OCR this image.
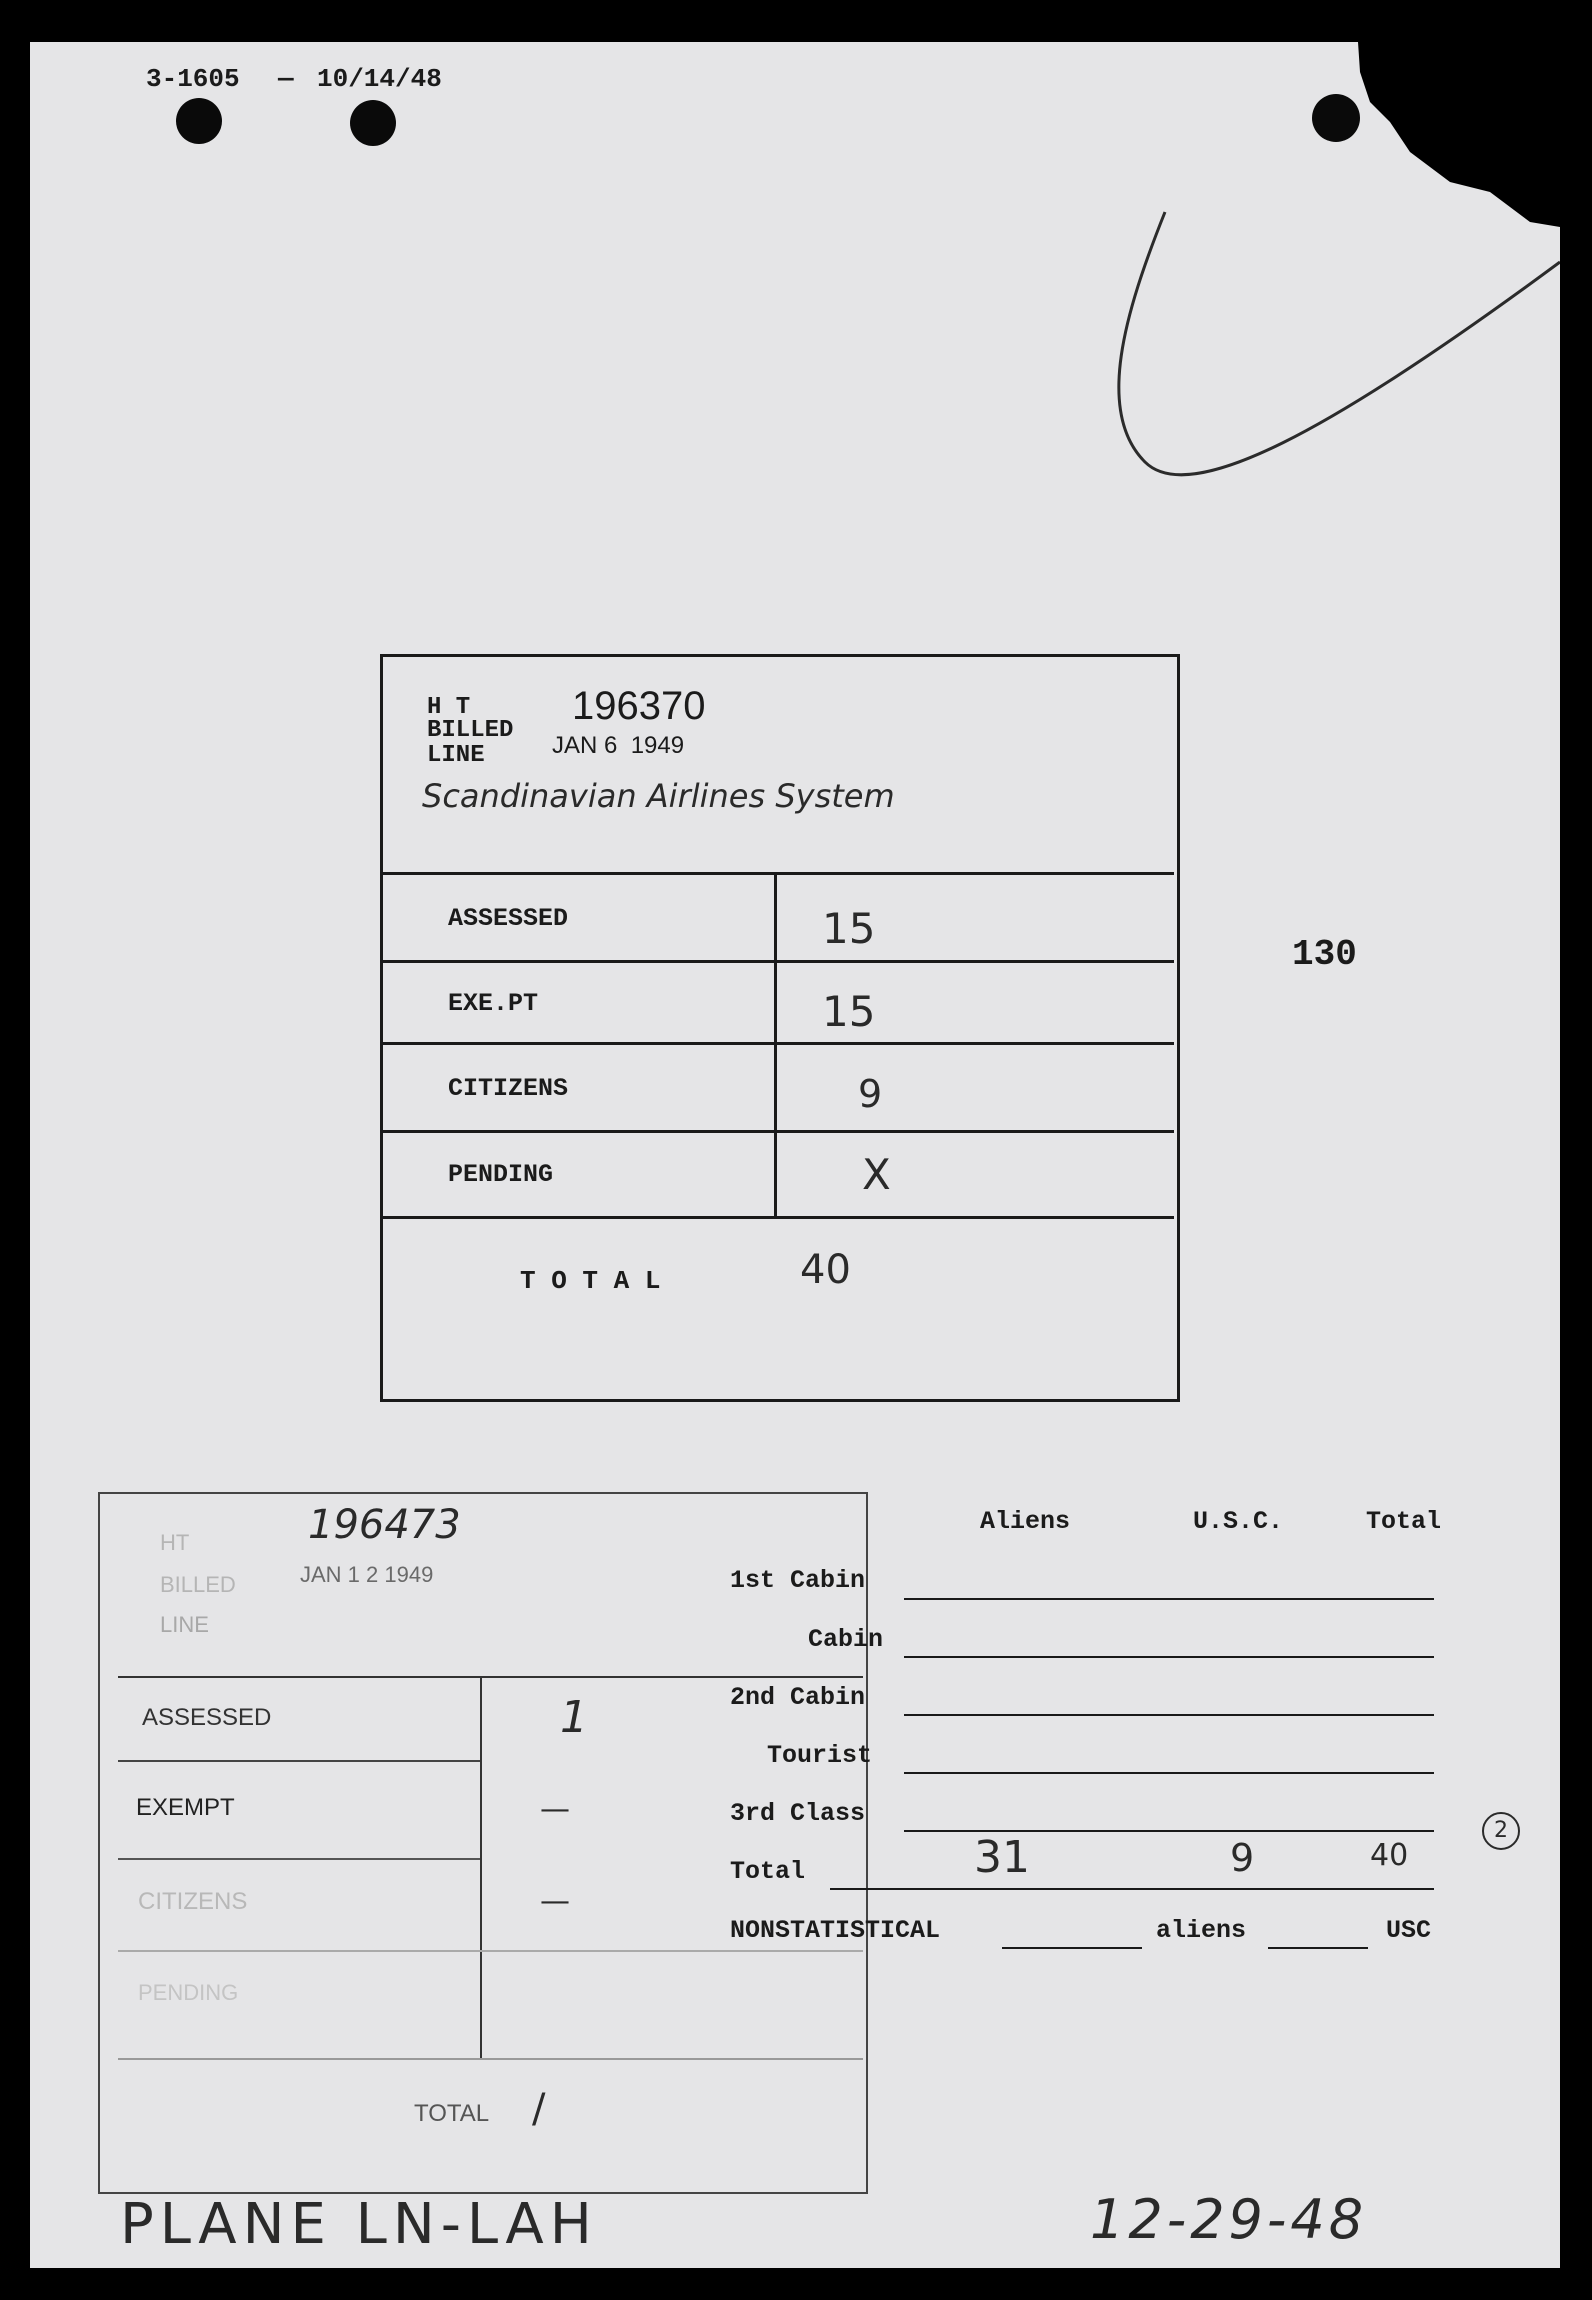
3-1605 — 10/14/48
H T
BILLED
LINE
196370
JAN 6  1949
Scandinavian Airlines System
ASSESSED	15
EXE.PT	15
CITIZENS	9
PENDING	X
T O T A L	40
130
HT
BILLED
LINE
196473
JAN 1 2 1949
ASSESSED	1
EXEMPT	—
CITIZENS	—
PENDING
TOTAL /
Aliens	U.S.C.	Total
1st Cabin
Cabin
2nd Cabin
Tourist
3rd Class
Total	31	9	40
NONSTATISTICAL	aliens	USC
2
PLANE LN-LAH	12-29-48
